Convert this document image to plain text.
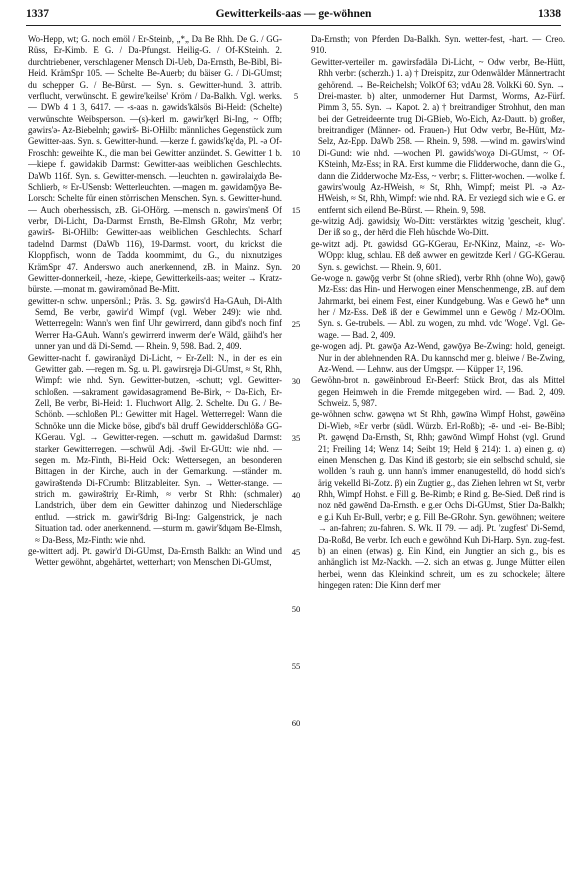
1337	Gewitterkeils-aas — ge-wöhnen	1338

Wo-Hepp, wt; G. noch emöl / Er-Steinb, „*„ Da Be Rhh. De G. / GG-Rüss, Er-Kimb. E G. / Da-Pfungst. Heilig-G. / Of-KSteinh. 2. durchtriebener, verschlagener Mensch Di-Ueb, Da-Ernsth, Be-Bibl, Bi-Heid. KrämSpr 105. — Schelte Be-Auerb; du bäiser G. / Di-GUmst; du schepper G. / Be-Bürst. — Syn. s. Gewitter-hund. 3. attrib. verflucht, verwünscht. E gewire'keilse' Kröm / Da-Balkh. Vgl. werks. — DWb 4 1 3, 6417. — -s-aas n. gəwids'kālsös Bi-Heid: (Schelte) verwünschte Weibsperson. —(s)-kerl m. gəwir'kęrl Bi-Ing, ~ Offb; gəwirs'ə- Az-Biebelnh; gəwirš- Bi-OHilb: männliches Gegenstück zum Gewitter-aas. Syn. s. Gewitter-hund. —kerze f. gəwids'kę'də, Pl. -ə Of-Froschh: geweihte K., die man bei Gewitter anzündet. S. Gewitter 1 b. —kiepe f. gəwidəkib Darmst: Gewitter-aas weiblichen Geschlechts. DaWb 116f. Syn. s. Gewitter-mensch. —leuchten n. gəwirəlaiχdə Be-Schlierb, ≈ Er-USensb: Wetterleuchten. —magen m. gəwidəmǭyə Be-Lorsch: Schelte für einen störrischen Menschen. Syn. s. Gewitter-hund. — Auch oberhessisch, zB. Gi-OHörg. —mensch n. gəwirs'menš Of verbr, Di-Licht, Da-Darmst Ernsth, Be-Elmsh GRohr, Mz verbr; gəwirš- Bi-OHilb: Gewitter-aas weiblichen Geschlechts. Scharf tadelnd Darmst (DaWb 116), 19-Darmst. voort, du krickst die Kloppfisch, wonn de Tadda koommimt, du G., du nixnutziges KrämSpr 47. Anderswo auch anerkennend, zB. in Mainz. Syn. Gewitter-donnerkeil, -heze, -kiepe, Gewitterkeils-aas; weiter → Kratz-bürste. —monat m. gəwirəmönad Be-Mitt.

gewitter-n schw. unpersönl.; Präs. 3. Sg. gəwirs'd Ha-GAuh, Di-Alth Semd, Be verbr, gəwir'd Wimpf (vgl. Weber 249): wie nhd. Wetterregeln: Wann's wen finf Uhr gewirrerd, dann gibd's noch finf Werrer Ha-GAuh. Wann's gewirrerd inwerm der'e Wäld, gäihd's her unner yan und dä Di-Semd. — Rhein. 9, 598. Bad. 2, 409.

Gewitter-nacht f. gəwirənäχd Di-Licht, ~ Er-Zell: N., in der es ein Gewitter gab. —regen m. Sg. u. Pl. gəwirsręjə Di-GUmst, ≈ St, Rhh, Wimpf: wie nhd. Syn. Gewitter-butzen, -schutt; vgl. Gewitter-schloßen. —sakrament gəwidəsagrəmend Be-Birk, ~ Da-Eich, Er-Zell, Be verbr, Bi-Heid: 1. Fluchwort Allg. 2. Schelte. Du G. / Be-Schönb. —schloßen Pl.: Gewitter mit Hagel. Wetterregel: Wann die Schnöke unn die Micke böse, gibd's bäl druff Gewidderschlößə GG-KGerau. Vgl. → Gewitter-regen. —schutt m. gəwidəšud Darmst: starker Gewitterregen. —schwül Adj. -šwil Er-GUtt: wie nhd. —segen m. Mz-Finth, Bi-Heid Ock: Wettersegen, an besonderen Bittagen in der Kirche, auch in der Gemarkung. —ständer m. gəwirəštendə Di-FCrumb: Blitzableiter. Syn. → Wetter-stange. —strich m. gəwirəštriχ Er-Rimh, ≈ verbr St Rhh: (schmaler) Landstrich, über dem ein Gewitter dahinzog und Niederschläge entlud. —strick m. gəwir'šdrig Bi-Ing: Galgenstrick, je nach Situation tad. oder anerkennend. —sturm m. gəwir'šdųəm Be-Elmsh, ≈ Da-Bess, Mz-Finth: wie nhd.

ge-wittert adj. Pt. gəwir'd Di-GUmst, Da-Ernsth Balkh: an Wind und Wetter gewöhnt, abgehärtet, wetterhart; von Menschen Di-GUmst,

5
10
15
20
25
30
35
40
45
50
55
60

Da-Ernsth; von Pferden Da-Balkh. Syn. wetter-fest, -hart. — Creo. 910.

Gewitter-verteiler m. gəwirsfədälə Di-Licht, ~ Odw verbr, Be-Hütt, Rhh verbr: (scherzh.) 1. a) † Dreispitz, zur Odenwälder Männertracht gehörend. → Be-Reichelsh; VolkOf 63; vdAu 28. VolkKi 60. Syn. → Drei-master. b) alter, unmoderner Hut Darmst, Worms, Az-Fürf. Pimm 3, 55. Syn. → Kapot. 2. a) † breitrandiger Strohhut, den man bei der Getreideernte trug Di-GBieb, Wo-Eich, Az-Dautt. b) großer, breitrandiger (Männer- od. Frauen-) Hut Odw verbr, Be-Hütt, Mz-Selz, Az-Epp. DaWb 258. — Rhein. 9, 598. —wind m. gəwirs'wind Di-Gund: wie nhd. —wochen Pl. gəwids'woχə Di-GUmst, ~ Of-KSteinh, Mz-Ess; in RA. Erst kumme die Flidderwoche, dann die G., dann die Zidderwoche Mz-Ess, ~ verbr; s. Flitter-wochen. —wolke f. gəwirs'woulg Az-HWeish, ≈ St, Rhh, Wimpf; meist Pl. -ə Az-HWeish, ≈ St, Rhh, Wimpf: wie nhd. RA. Er veziegd sich wie e G. er entfernt sich eilend Be-Bürst. — Rhein. 9, 598.

ge-witzig Adj. gəwidsiχ Wo-Ditt: verstärktes witzig 'gescheit, klug'. Der iß so g., der hērd die Fleh hüschde Wo-Ditt.

ge-witzt adj. Pt. gəwidsd GG-KGerau, Er-NKinz, Mainz, -ε- Wo-WOpp: klug, schlau. Eß deß awwer en gewitzde Kerl / GG-KGerau. Syn. s. gewichst. — Rhein. 9, 601.

Ge-woge n. gəwǭg verbr St (ohne sRied), verbr Rhh (ohne Wo), gəwǭ Mz-Ess: das Hin- und Herwogen einer Menschenmenge, zB. auf dem Jahrmarkt, bei einem Fest, einer Kundgebung. Was e Gewō he* unn her / Mz-Ess. Deß iß der e Gewimmel unn e Gewōg / Mz-OOlm. Syn. s. Ge-trubels. — Abl. zu wogen, zu mhd. vdc 'Woge'. Vgl. Ge-wage. — Bad. 2, 409.

ge-wogen adj. Pt. gəwǭə Az-Wend, gəwǭyə Be-Zwing: hold, geneigt. Nur in der ablehnenden RA. Du kannschd mer g. bleiwe / Be-Zwing, Az-Wend. — Lehnw. aus der Umgspr. — Küpper 1², 196.

Gewöhn-brot n. gəwēinbroud Er-Beerf: Stück Brot, das als Mittel gegen Heimweh in die Fremde mitgegeben wird. — Bad. 2, 409. Schweiz. 5, 987.

ge-wöhnen schw. gəwęnə wt St Rhh, gəwīnə Wimpf Hohst, gəwēinə Di-Wieb, ≈Er verbr (südl. Würzb. Erl-Roßb); -ē- und -ei- Be-Bibl; Pt. gəwęnd Da-Ernsth, St, Rhh; gəwōnd Wimpf Hohst (vgl. Grund 21; Freiling 14; Wenz 14; Seibt 19; Held § 214): 1. a) einen g. α) einen Menschen g. Das Kind iß gestorb; sie ein selbschd schuld, sie wollden 's rauh g. unn hann's immer enanugestelld, dö hodd sich's ärig vekelld Bi-Zotz. β) ein Zugtier g., das Ziehen lehren wt St, verbr Rhh, Wimpf Hohst. e Fill g. Be-Rimb; e Rind g. Be-Sied. Deß rind is noz nēd gəwēnd Da-Ernsth. e g.er Ochs Di-GUmst, Stier Da-Balkh; e g.i Kuh Er-Bull, verbr; e g. Fill Be-GRohr. Syn. gewöhnen; weitere → an-fahren; zu-fahren. S. Wk. II 79. — adj. Pt. 'zugfest' Di-Semd, Da-Roßd, Be verbr. Ich euch e gewöhnd Kuh Di-Harp. Syn. zug-fest. b) an einen (etwas) g. Ein Kind, ein Jungtier an sich g., bis es anhänglich ist Mz-Nackh. —2. sich an etwas g. Junge Mütter eilen herbei, wenn das Kleinkind schreit, um es zu schockele; ältere hingegen raten: Die Kinn derf mer
